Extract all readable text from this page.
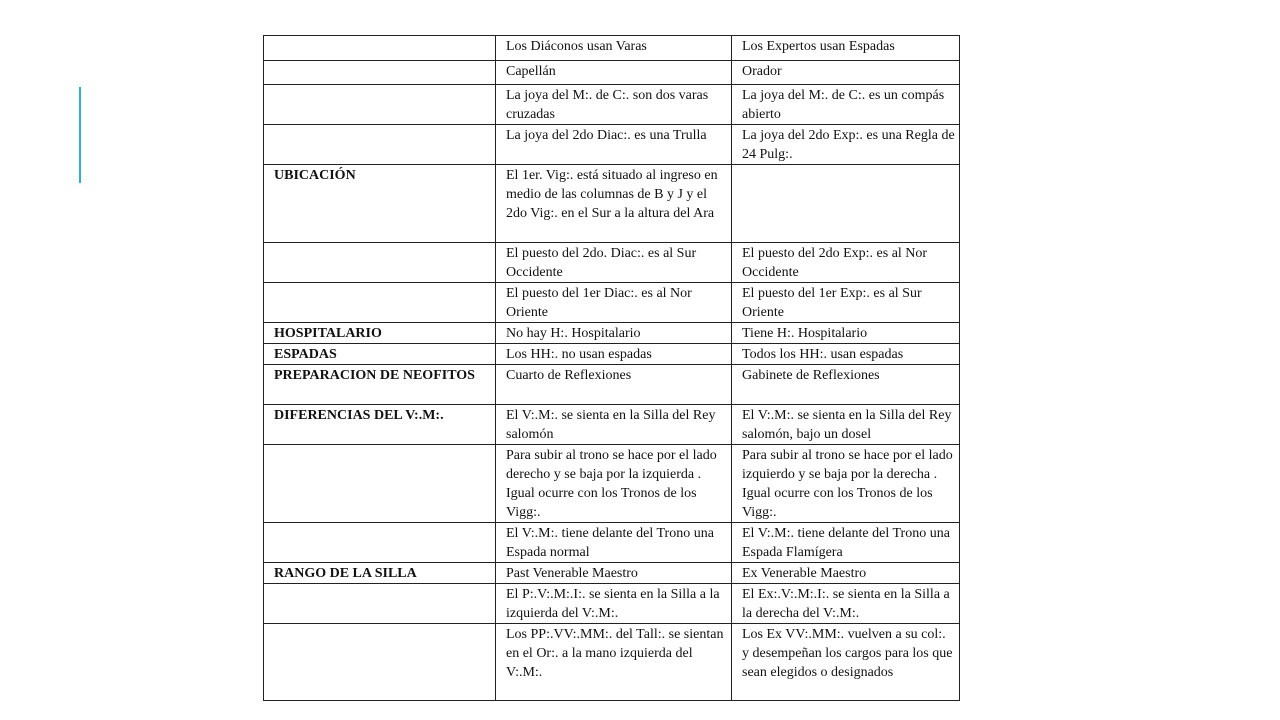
	Los Diáconos usan Varas	Los Expertos usan Espadas
	Capellán	Orador
	La joya del M:. de C:. son dos varas cruzadas	La joya del M:. de C:. es un compás abierto
	La joya del 2do Diac:. es una Trulla	La joya del 2do Exp:. es una Regla de 24 Pulg:.
UBICACIÓN	El 1er. Vig:. está situado al ingreso en medio de las columnas de B y J y el 2do Vig:. en el Sur a la altura del Ara	
	El puesto del 2do. Diac:. es al Sur Occidente	El puesto del 2do Exp:. es al Nor Occidente
	El puesto del 1er Diac:. es al Nor Oriente	El puesto del 1er Exp:. es al Sur Oriente
HOSPITALARIO	No hay H:. Hospitalario	Tiene H:. Hospitalario
ESPADAS	Los HH:. no usan espadas	Todos los HH:. usan espadas
PREPARACION DE NEOFITOS	Cuarto de Reflexiones	Gabinete de Reflexiones
DIFERENCIAS DEL V:.M:.	El V:.M:. se sienta en la Silla del Rey salomón	El V:.M:. se sienta en la Silla del Rey salomón, bajo un dosel
	Para subir al trono se hace por el lado derecho y se baja por la izquierda . Igual ocurre con los Tronos de los Vigg:.	Para subir al trono se hace por el lado izquierdo y se baja por la derecha . Igual ocurre con los Tronos de los Vigg:.
	El V:.M:. tiene delante del Trono una Espada normal	El V:.M:. tiene delante del Trono una Espada Flamígera
RANGO DE LA SILLA	Past Venerable Maestro	Ex Venerable Maestro
	El P:.V:.M:.I:. se sienta en la Silla a la izquierda del V:.M:.	El Ex:.V:.M:.I:. se sienta en la Silla a la derecha del V:.M:.
	Los PP:.VV:.MM:. del Tall:. se sientan en el Or:. a la mano izquierda del V:.M:.	Los Ex VV:.MM:. vuelven a su col:. y desempeñan los cargos para los que sean elegidos o designados
